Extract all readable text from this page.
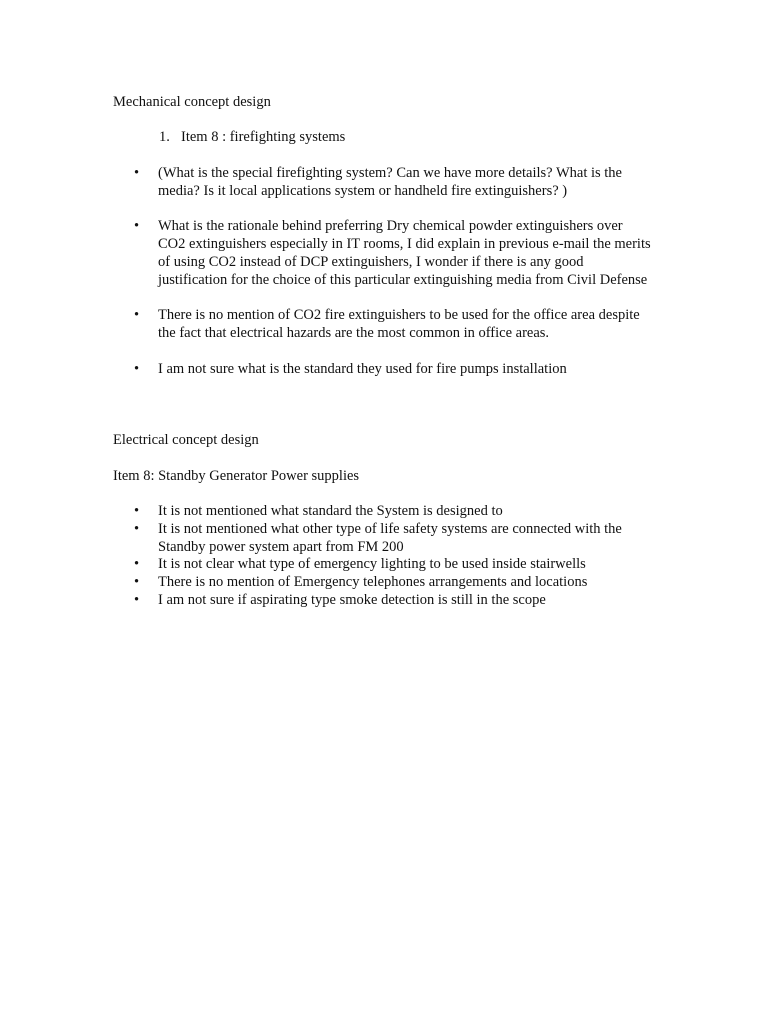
Mechanical concept design
1. Item 8 : firefighting systems
• (What is the special firefighting system? Can we have more details? What is the media? Is it local applications system or handheld fire extinguishers? )
• What is the rationale behind preferring Dry chemical powder extinguishers over CO2 extinguishers especially in IT rooms, I did explain in previous e-mail the merits of using CO2 instead of DCP extinguishers, I wonder if there is any good justification for the choice of this particular extinguishing media from Civil Defense
• There is no mention of CO2 fire extinguishers to be used for the office area despite the fact that electrical hazards are the most common in office areas.
• I am not sure what is the standard they used for fire pumps installation
Electrical concept design
Item 8: Standby Generator Power supplies
• It is not mentioned what standard the System is designed to
• It is not mentioned what other type of life safety systems are connected with the Standby power system apart from FM 200
• It is not clear what type of emergency lighting to be used inside stairwells
• There is no mention of Emergency telephones arrangements and locations
• I am not sure if aspirating type smoke detection is still in the scope
